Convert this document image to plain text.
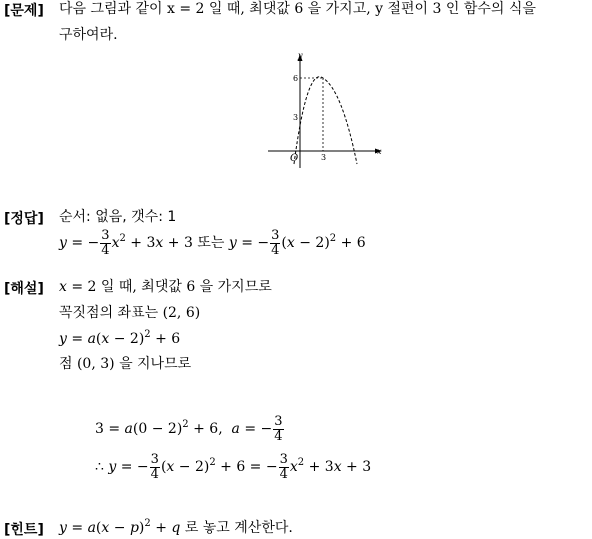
[문제] 다음 그림과 같이 x = 2 일 때, 최댓값 6 을 가지고, y 절편이 3 인 함수의 식을
구하여라.
y
x
O
6
3
3
[정답] 순서: 없음, 갯수: 1
y = − $\frac{3}{4} x^2 + 3x + 3$ 또는 y = − $\frac{3}{4} (x - 2)^2 + 6$
[해설] x = 2 일 때, 최댓값 6 을 가지므로
꼭짓점의 좌표는 (2, 6)
$y = a(x - 2)^2 + 6$
점 (0, 3) 을 지나므로
$3 = a(0 - 2)^2 + 6$,  a = − $\frac{3}{4}$
∴ y = − $\frac{3}{4} (x - 2)^2 + 6$ = − $\frac{3}{4} x^2 + 3x + 3$
[힌트] $y = a(x - p)^2 + q$ 로 놓고 계산한다.
